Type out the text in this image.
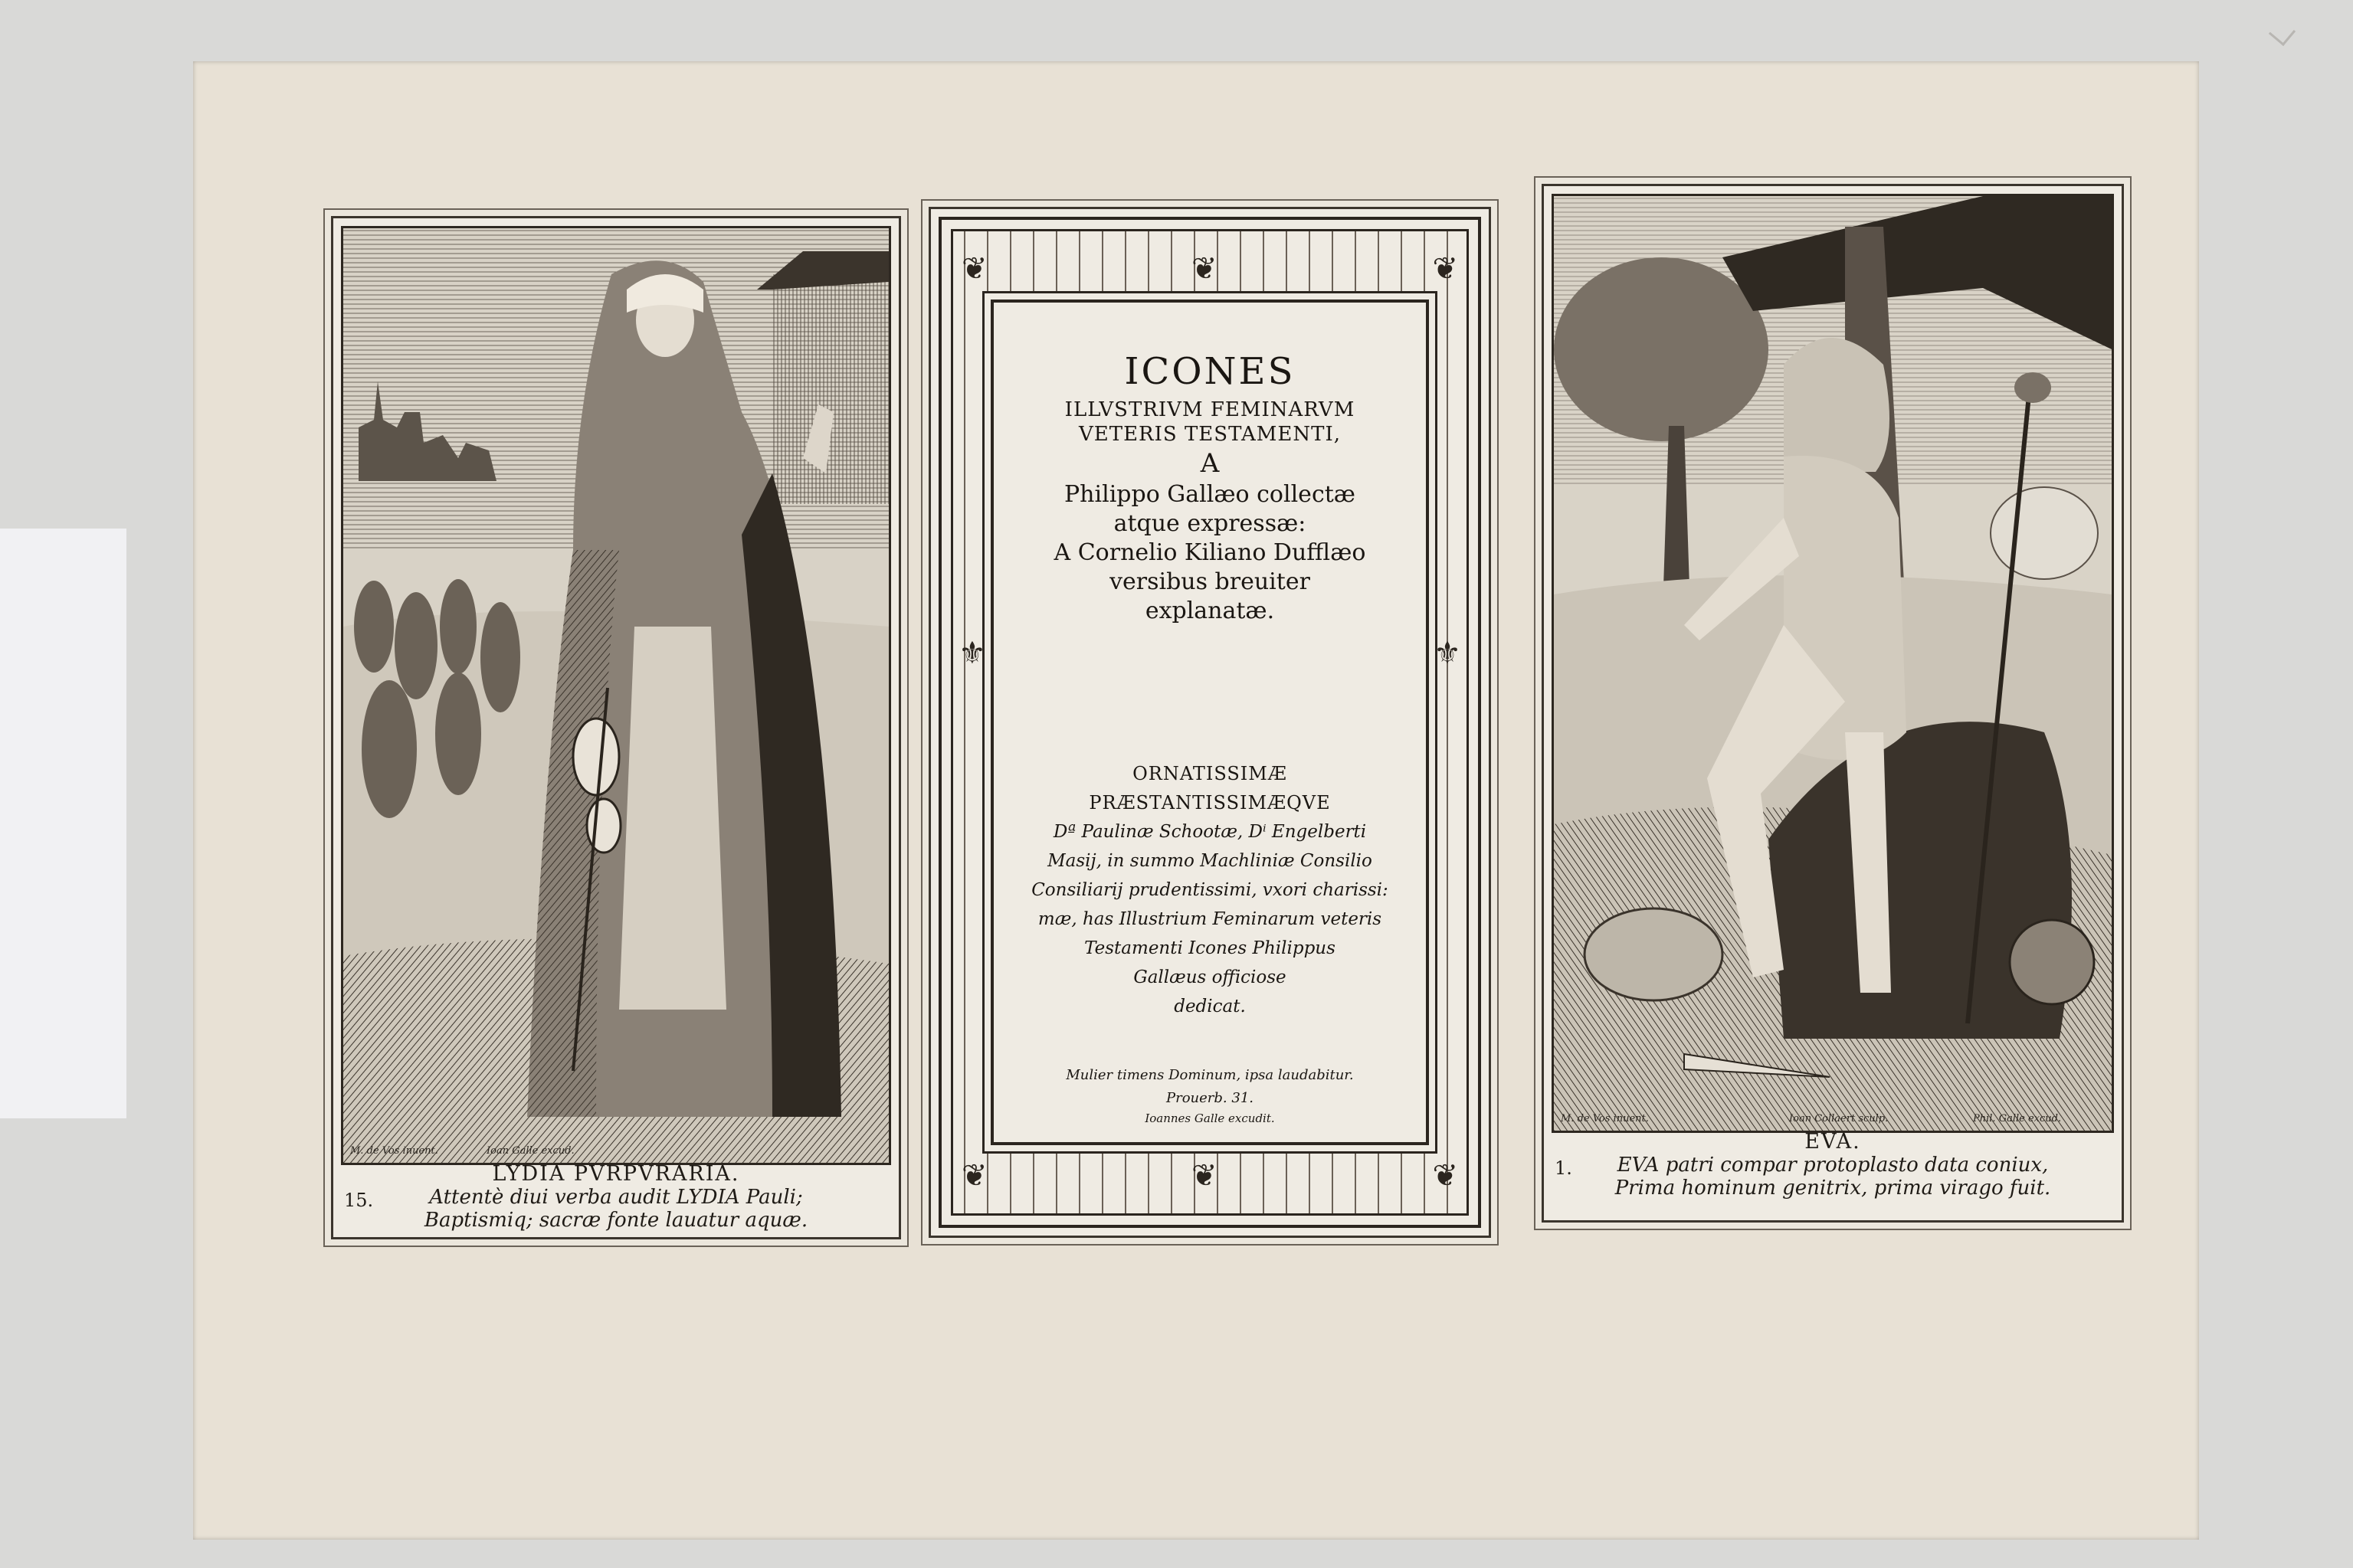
M. de Vos inuent.	Ioan Galle excud.
LYDIA PVRPVRARIA.
Attentè diui verba audit LYDIA Pauli;
Baptismiq; sacræ fonte lauatur aquæ.
15.
❦	❦	❦
❦	❦	❦
⚜	⚜
ICONES
ILLVSTRIVM FEMINARVM
VETERIS TESTAMENTI,
A
Philippo Gallæo collectæ
atque expressæ:
A Cornelio Kiliano Dufflæo
versibus breuiter
explanatæ.
ORNATISSIMÆ PRÆSTANTISSIMÆQVE
Dª Paulinæ Schootæ, Dⁱ Engelberti
Masij, in summo Machliniæ Consilio
Consiliarij prudentissimi, vxori charissi:
mæ, has Illustrium Feminarum veteris
Testamenti Icones Philippus
Gallæus officiose
dedicat.
Mulier timens Dominum, ipsa laudabitur.
Prouerb. 31.
Ioannes Galle excudit.	M. de Vos inuent.	Ioan Collaert sculp.	Phil. Galle excud.
EVA.
EVA patri compar protoplasto data coniux,
Prima hominum genitrix, prima virago fuit.
1.
